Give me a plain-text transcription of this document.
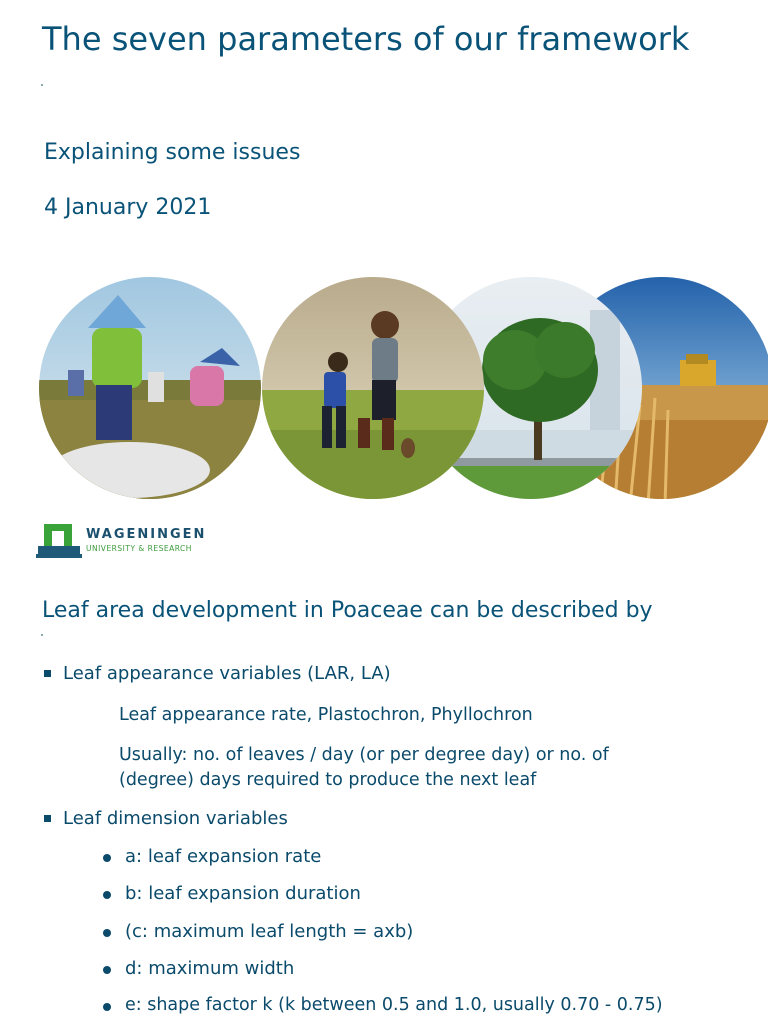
The seven parameters of our framework
Explaining some issues
4 January 2021
WAGENINGEN
UNIVERSITY & RESEARCH
Leaf area development in Poaceae can be described by
Leaf appearance variables (LAR, LA)
Leaf appearance rate, Plastochron, Phyllochron
Usually: no. of leaves / day (or per degree day) or no. of
(degree) days required to produce the next leaf
Leaf dimension variables
a: leaf expansion rate
b: leaf expansion duration
(c: maximum leaf length = axb)
d: maximum width
e: shape factor k (k between 0.5 and 1.0, usually 0.70 - 0.75)
